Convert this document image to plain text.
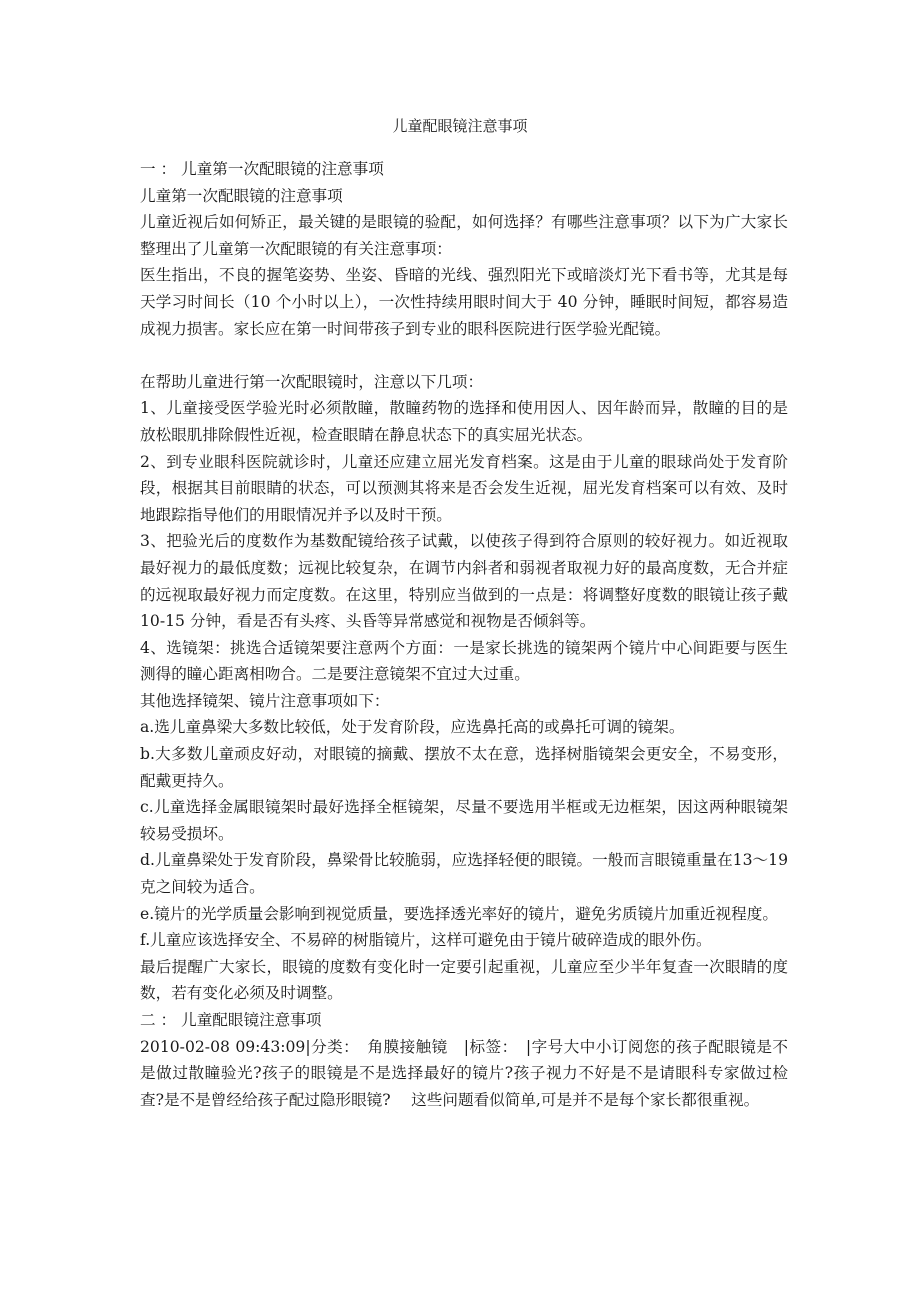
儿童配眼镜注意事项

一 ： 儿童第一次配眼镜的注意事项

儿童第一次配眼镜的注意事项

儿童近视后如何矫正，最关键的是眼镜的验配，如何选择？有哪些注意事项？以下为广大家长整理出了儿童第一次配眼镜的有关注意事项：

医生指出，不良的握笔姿势、坐姿、昏暗的光线、强烈阳光下或暗淡灯光下看书等，尤其是每天学习时间长（10 个小时以上），一次性持续用眼时间大于 40 分钟，睡眠时间短，都容易造成视力损害。家长应在第一时间带孩子到专业的眼科医院进行医学验光配镜。

在帮助儿童进行第一次配眼镜时，注意以下几项：

1、儿童接受医学验光时必须散瞳，散瞳药物的选择和使用因人、因年龄而异，散瞳的目的是放松眼肌排除假性近视，检查眼睛在静息状态下的真实屈光状态。

2、到专业眼科医院就诊时，儿童还应建立屈光发育档案。这是由于儿童的眼球尚处于发育阶段，根据其目前眼睛的状态，可以预测其将来是否会发生近视，屈光发育档案可以有效、及时地跟踪指导他们的用眼情况并予以及时干预。

3、把验光后的度数作为基数配镜给孩子试戴，以使孩子得到符合原则的较好视力。如近视取最好视力的最低度数；远视比较复杂，在调节内斜者和弱视者取视力好的最高度数，无合并症的远视取最好视力而定度数。在这里，特别应当做到的一点是：将调整好度数的眼镜让孩子戴 10-15 分钟，看是否有头疼、头昏等异常感觉和视物是否倾斜等。

4、选镜架：挑选合适镜架要注意两个方面：一是家长挑选的镜架两个镜片中心间距要与医生测得的瞳心距离相吻合。二是要注意镜架不宜过大过重。

其他选择镜架、镜片注意事项如下：

a.选儿童鼻梁大多数比较低，处于发育阶段，应选鼻托高的或鼻托可调的镜架。

b.大多数儿童顽皮好动，对眼镜的摘戴、摆放不太在意，选择树脂镜架会更安全，不易变形，配戴更持久。

c.儿童选择金属眼镜架时最好选择全框镜架，尽量不要选用半框或无边框架，因这两种眼镜架较易受损坏。

d.儿童鼻梁处于发育阶段，鼻梁骨比较脆弱，应选择轻便的眼镜。一般而言眼镜重量在13～19 克之间较为适合。

e.镜片的光学质量会影响到视觉质量，要选择透光率好的镜片，避免劣质镜片加重近视程度。

f.儿童应该选择安全、不易碎的树脂镜片，这样可避免由于镜片破碎造成的眼外伤。

最后提醒广大家长，眼镜的度数有变化时一定要引起重视，儿童应至少半年复查一次眼睛的度数，若有变化必须及时调整。

二 ： 儿童配眼镜注意事项

2010-02-08 09:43:09|分类：　角膜接触镜　|标签：　|字号大中小订阅您的孩子配眼镜是不是做过散瞳验光?孩子的眼镜是不是选择最好的镜片?孩子视力不好是不是请眼科专家做过检查?是不是曾经给孩子配过隐形眼镜?　 这些问题看似简单,可是并不是每个家长都很重视。
